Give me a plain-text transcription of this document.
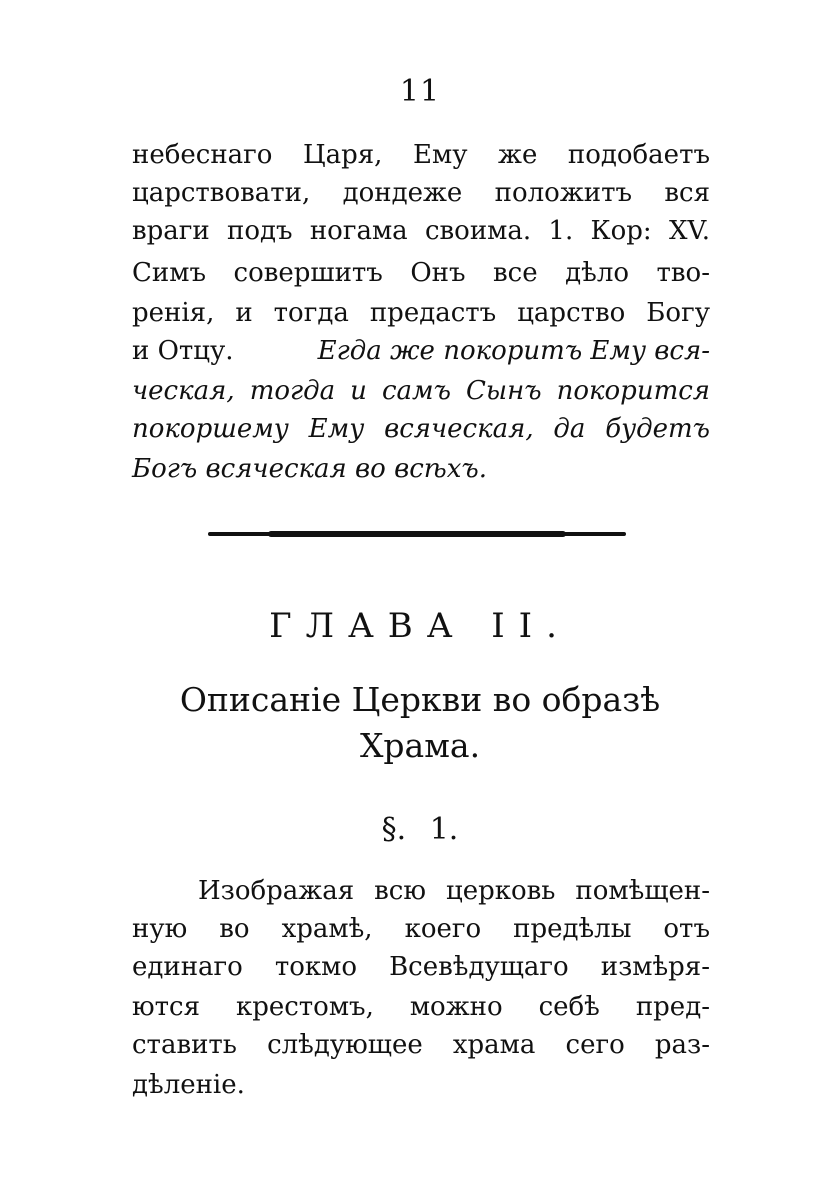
11
небеснаго Царя, Ему же подобаетъ
царствовати, дондеже положитъ вся
враги подъ ногама своима. 1. Кор: XV.
Симъ совершитъ Онъ все дѣло тво-
ренія, и тогда предастъ царство Богу
и Отцу.	Егда же покоритъ Ему вся-
ческая, тогда и самъ Сынъ покорится
покоршему Ему всяческая, да будетъ
Богъ всяческая во всѣхъ.
ГЛАВА II.
Описаніе Церкви во образѣ
Храма.
§. 1.
Изображая всю церковь помѣщен-
ную во храмѣ, коего предѣлы отъ
единаго токмо Всевѣдущаго измѣря-
ются крестомъ, можно себѣ пред-
ставить слѣдующее храма сего раз-
дѣленіе.
